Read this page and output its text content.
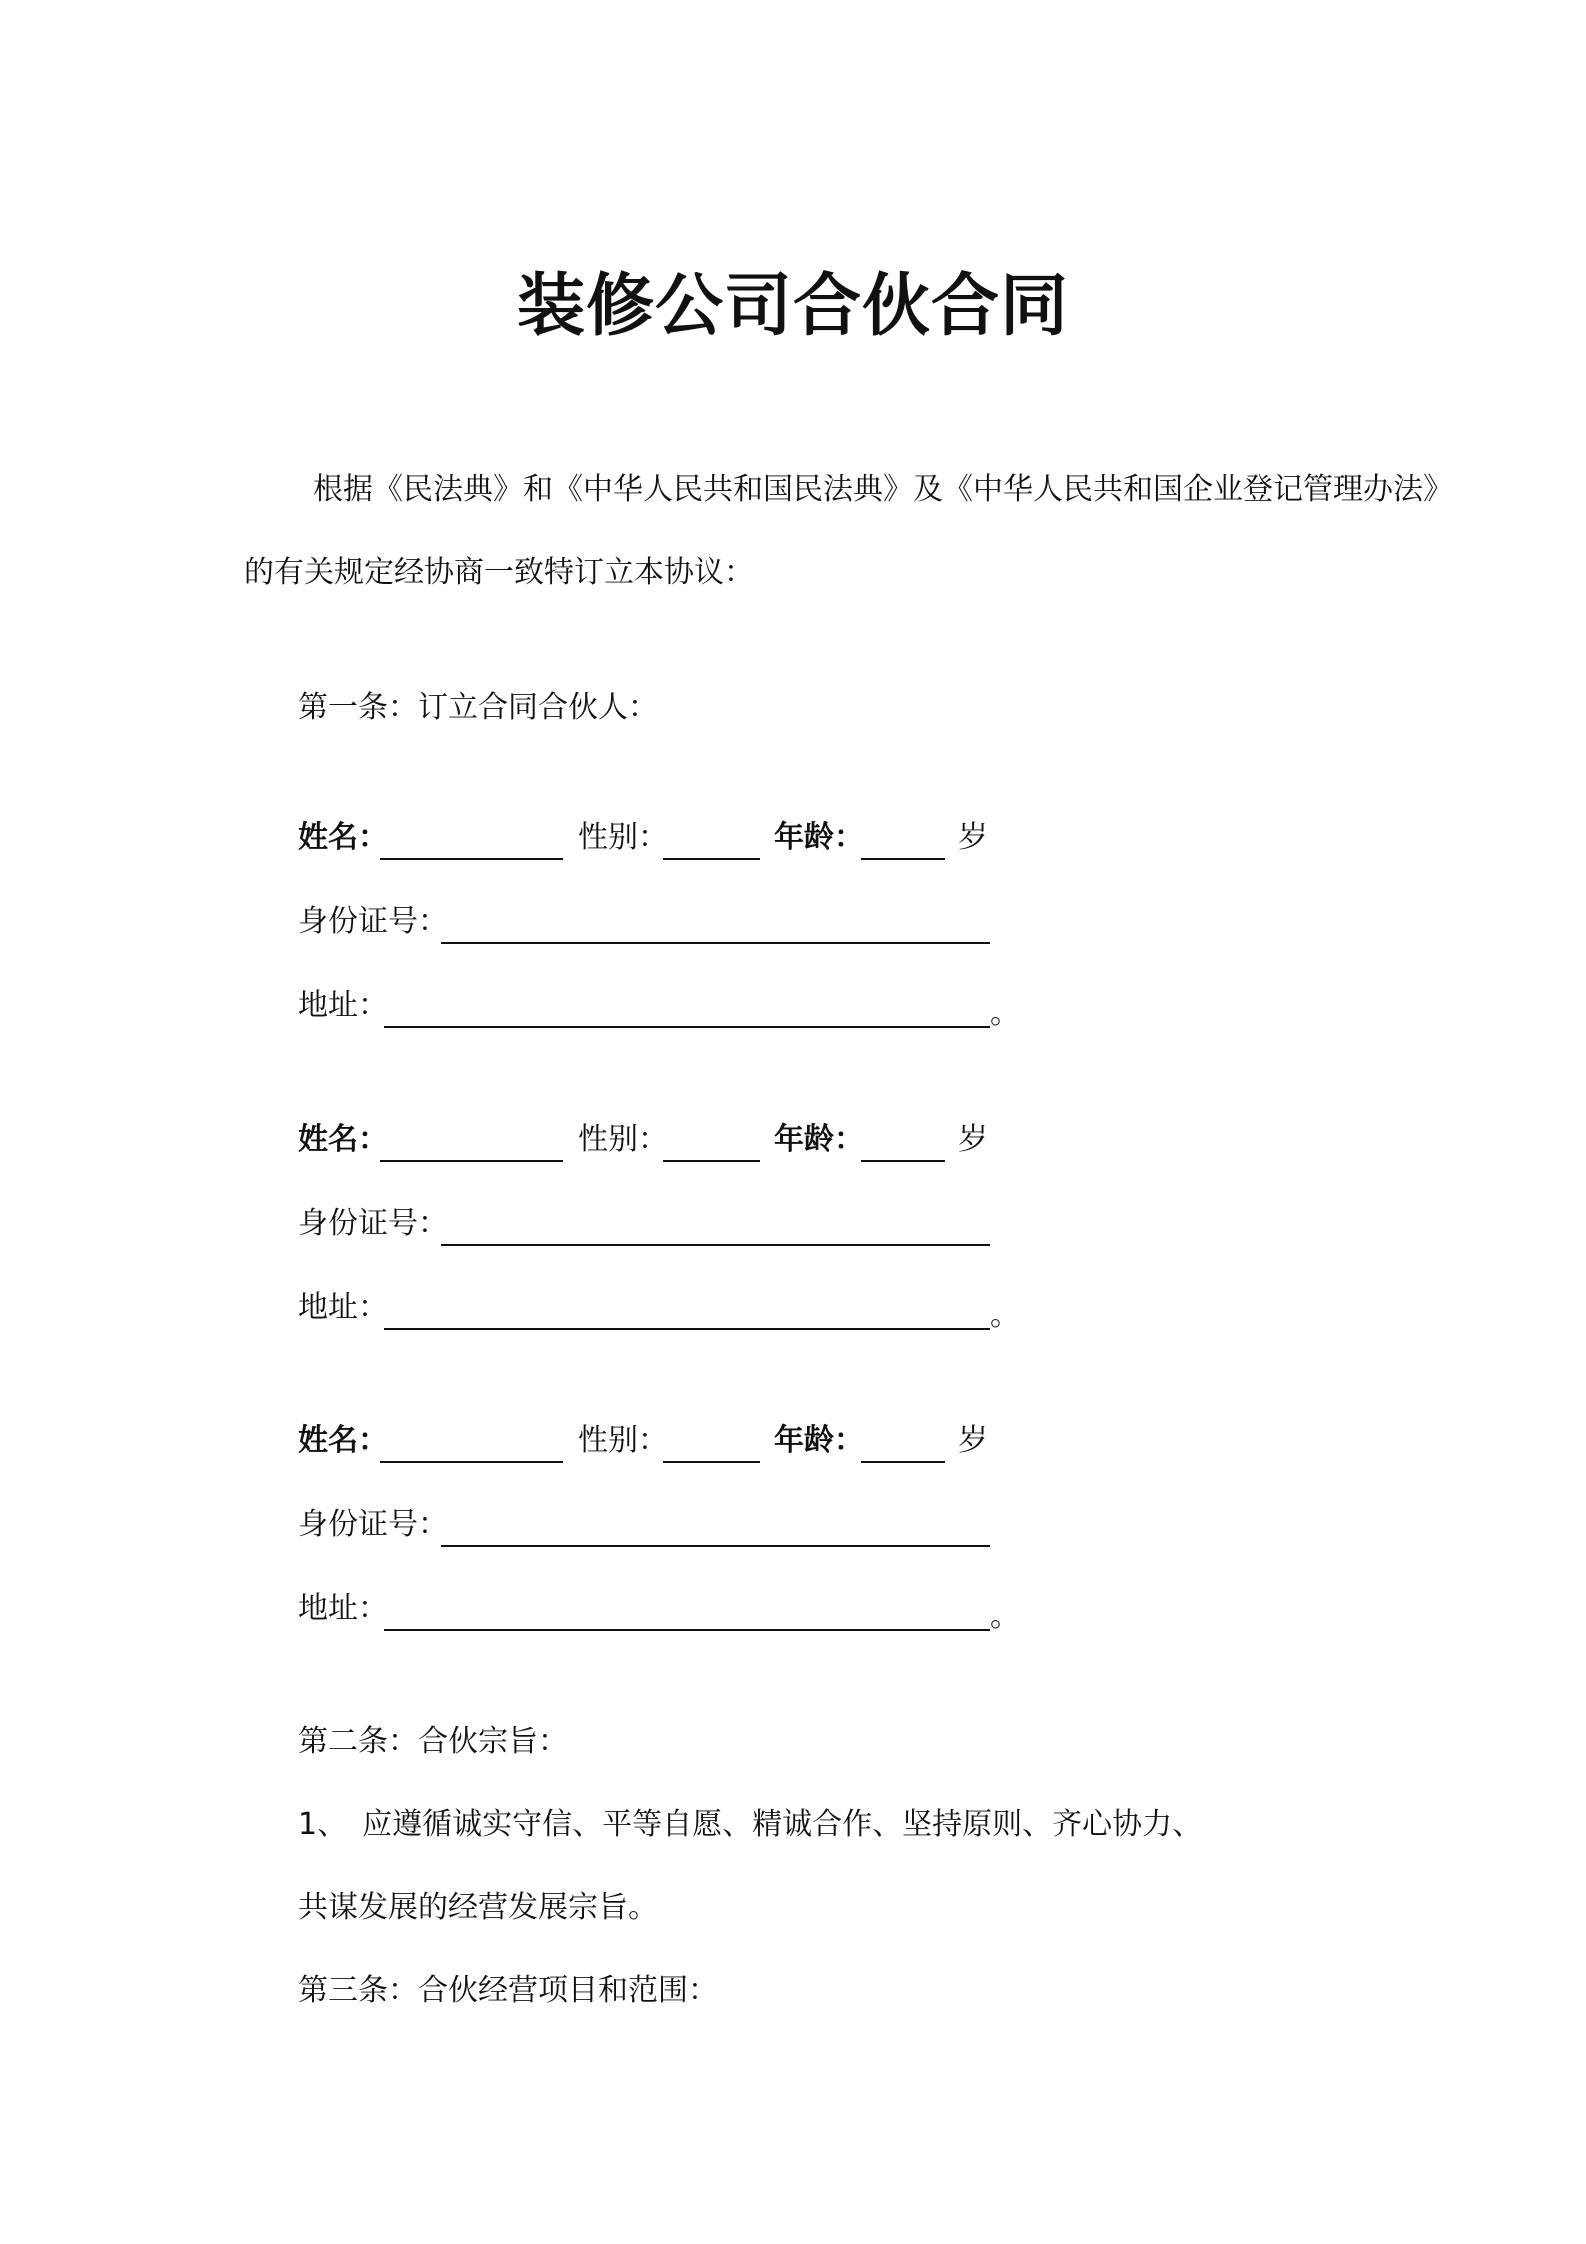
装修公司合伙合同
根据《民法典》和《中华人民共和国民法典》及《中华人民共和国企业登记管理办法》
的有关规定经协商一致特订立本协议：
第一条：订立合同合伙人：
姓名：	性别：	年龄：	岁
身份证号：
地址：	。
姓名：	性别：	年龄：	岁
身份证号：
地址：	。
姓名：	性别：	年龄：	岁
身份证号：
地址：	。
第二条：合伙宗旨：
1、　应遵循诚实守信、平等自愿、精诚合作、坚持原则、齐心协力、
共谋发展的经营发展宗旨。
第三条：合伙经营项目和范围：
